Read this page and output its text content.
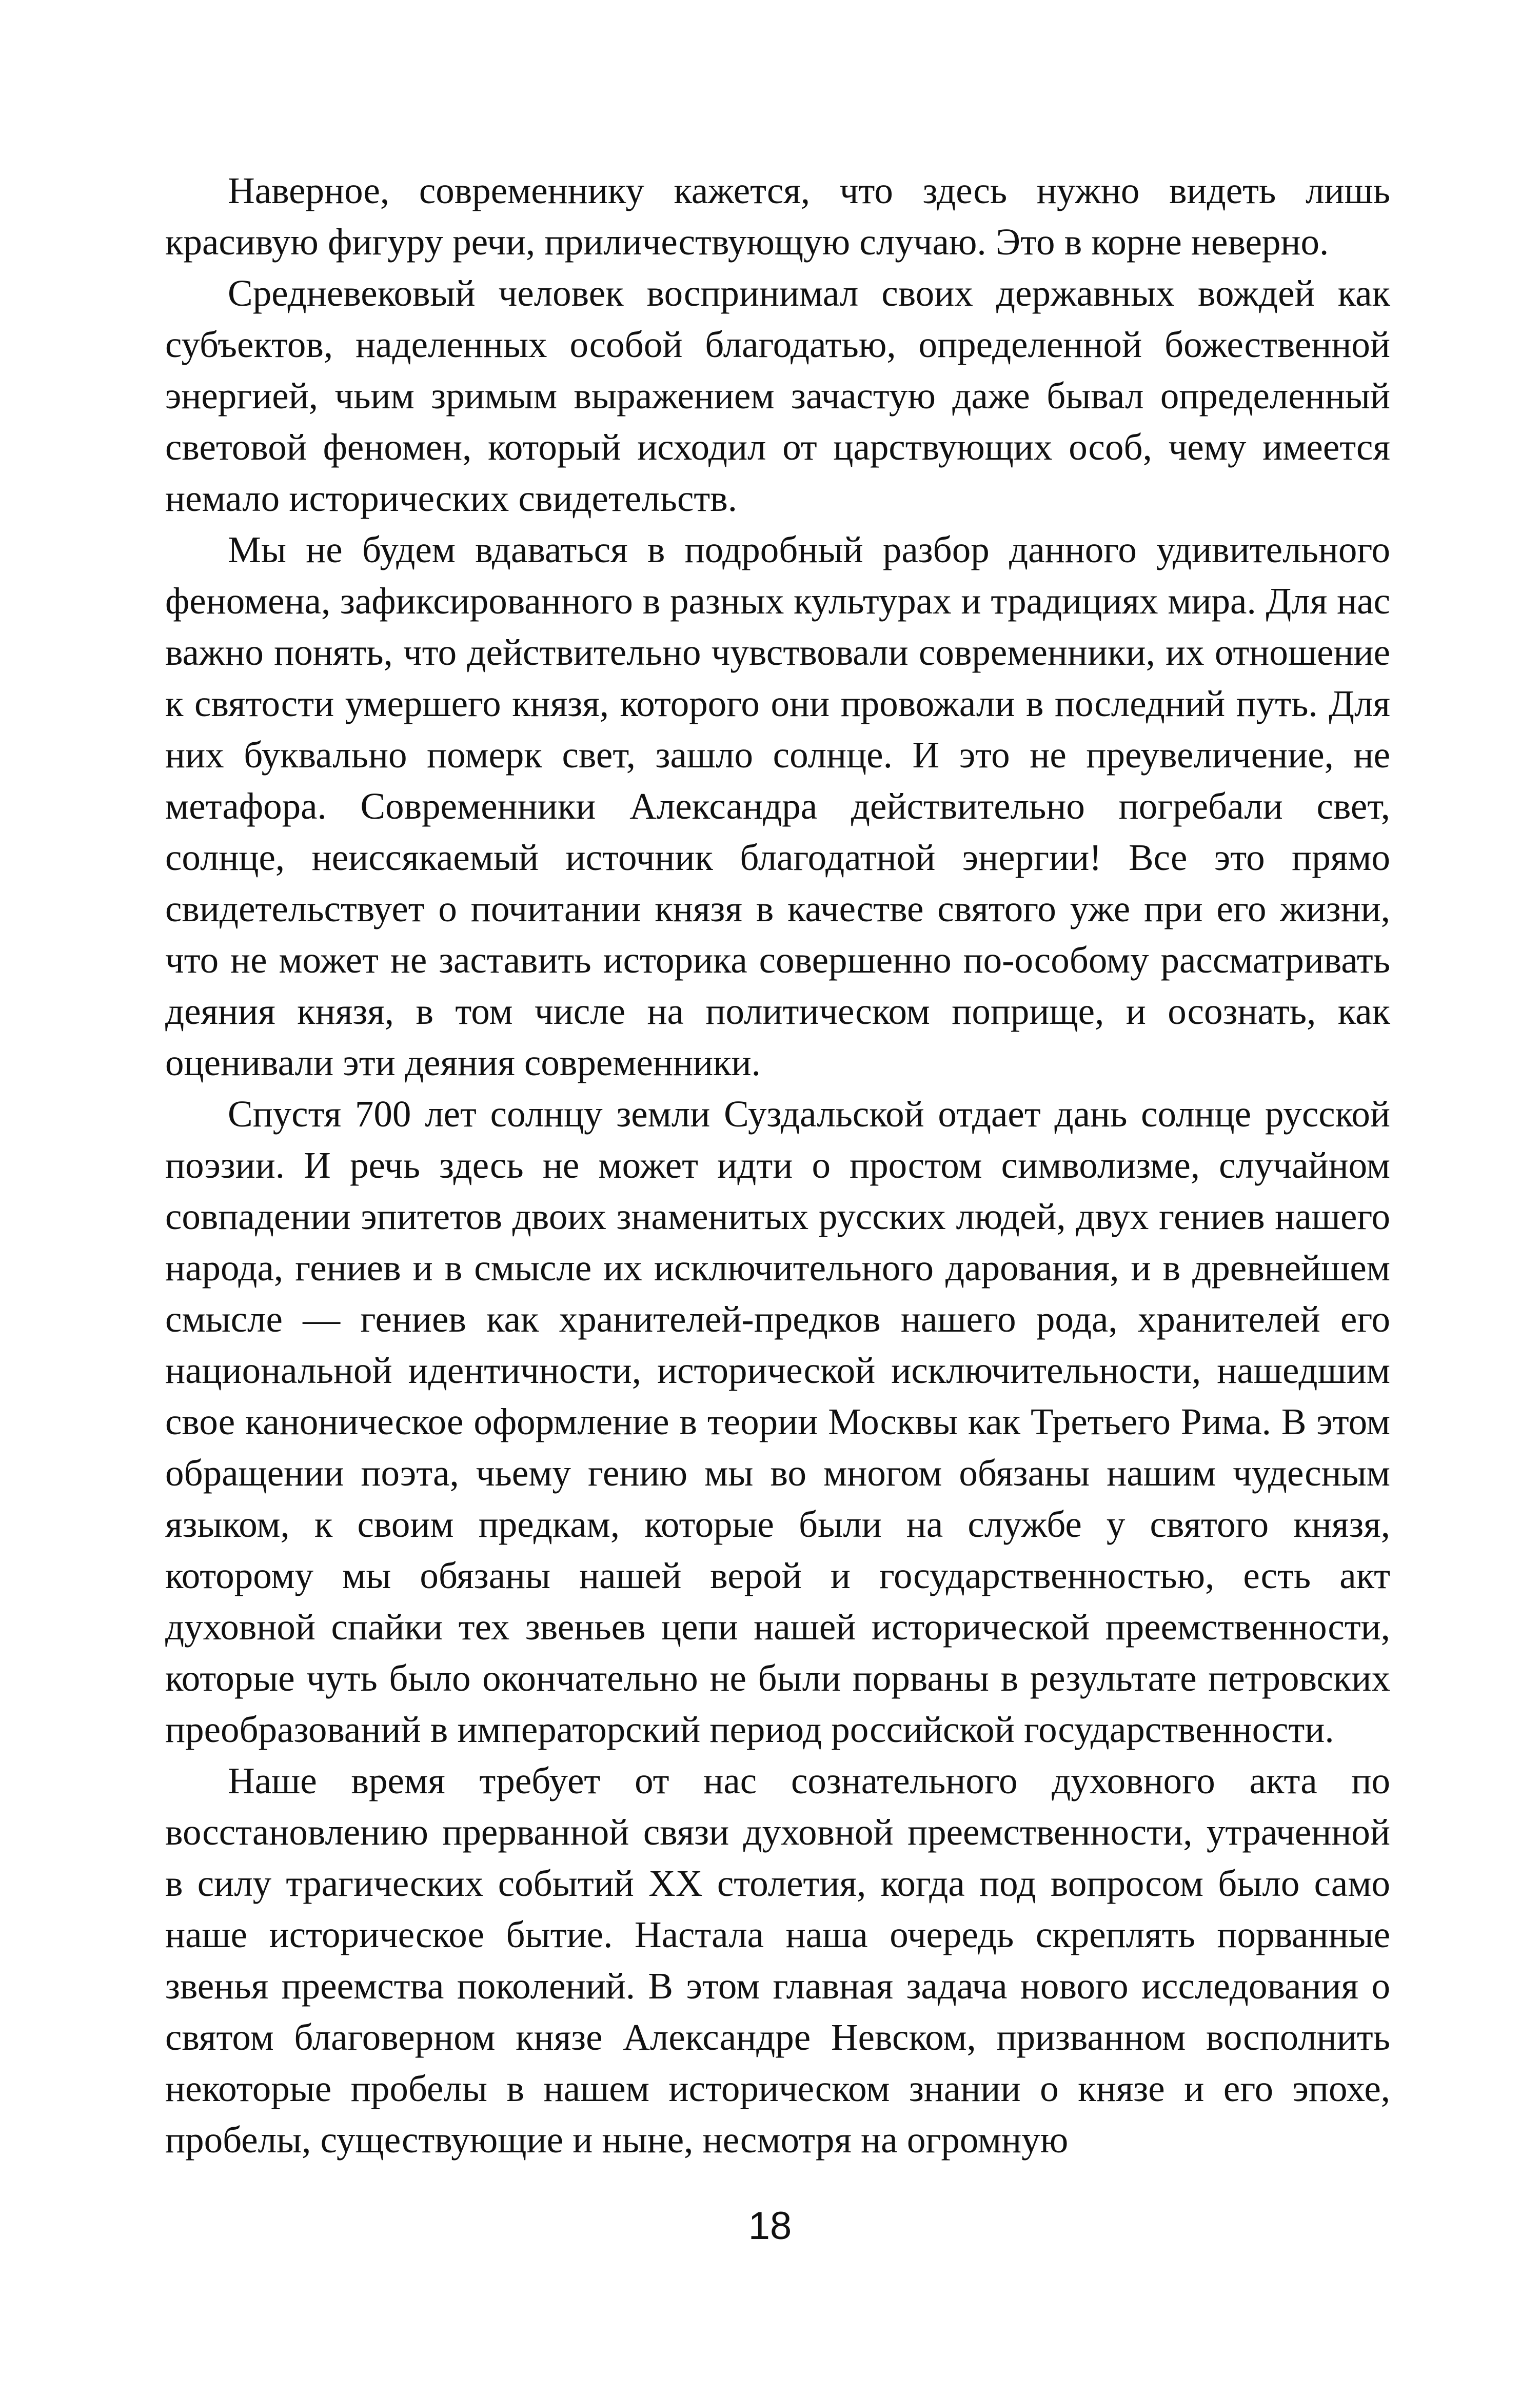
Наверное, современнику кажется, что здесь нужно видеть лишь красивую фигуру речи, приличествующую случаю. Это в корне неверно.

Средневековый человек воспринимал своих державных вождей как субъектов, наделенных особой благодатью, определенной божественной энергией, чьим зримым выражением зачастую даже бывал определенный световой феномен, который исходил от царствующих особ, чему имеется немало исторических свидетельств.

Мы не будем вдаваться в подробный разбор данного удивительного феномена, зафиксированного в разных культурах и традициях мира. Для нас важно понять, что действительно чувствовали современники, их отношение к святости умершего князя, которого они провожали в последний путь. Для них буквально померк свет, зашло солнце. И это не преувеличение, не метафора. Современники Александра действительно погребали свет, солнце, неиссякаемый источник благодатной энергии! Все это прямо свидетельствует о почитании князя в качестве святого уже при его жизни, что не может не заставить историка совершенно по-особому рассматривать деяния князя, в том числе на политическом поприще, и осознать, как оценивали эти деяния современники.

Спустя 700 лет солнцу земли Суздальской отдает дань солнце русской поэзии. И речь здесь не может идти о простом символизме, случайном совпадении эпитетов двоих знаменитых русских людей, двух гениев нашего народа, гениев и в смысле их исключительного дарования, и в древнейшем смысле — гениев как хранителей-предков нашего рода, хранителей его национальной идентичности, исторической исключительности, нашедшим свое каноническое оформление в теории Москвы как Третьего Рима. В этом обращении поэта, чьему гению мы во многом обязаны нашим чудесным языком, к своим предкам, которые были на службе у святого князя, которому мы обязаны нашей верой и государственностью, есть акт духовной спайки тех звеньев цепи нашей исторической преемственности, которые чуть было окончательно не были порваны в результате петровских преобразований в императорский период российской государственности.

Наше время требует от нас сознательного духовного акта по восстановлению прерванной связи духовной преемственности, утраченной в силу трагических событий XX столетия, когда под вопросом было само наше историческое бытие. Настала наша очередь скреплять порванные звенья преемства поколений. В этом главная задача нового исследования о святом благоверном князе Александре Невском, призванном восполнить некоторые пробелы в нашем историческом знании о князе и его эпохе, пробелы, существующие и ныне, несмотря на огромную

18
